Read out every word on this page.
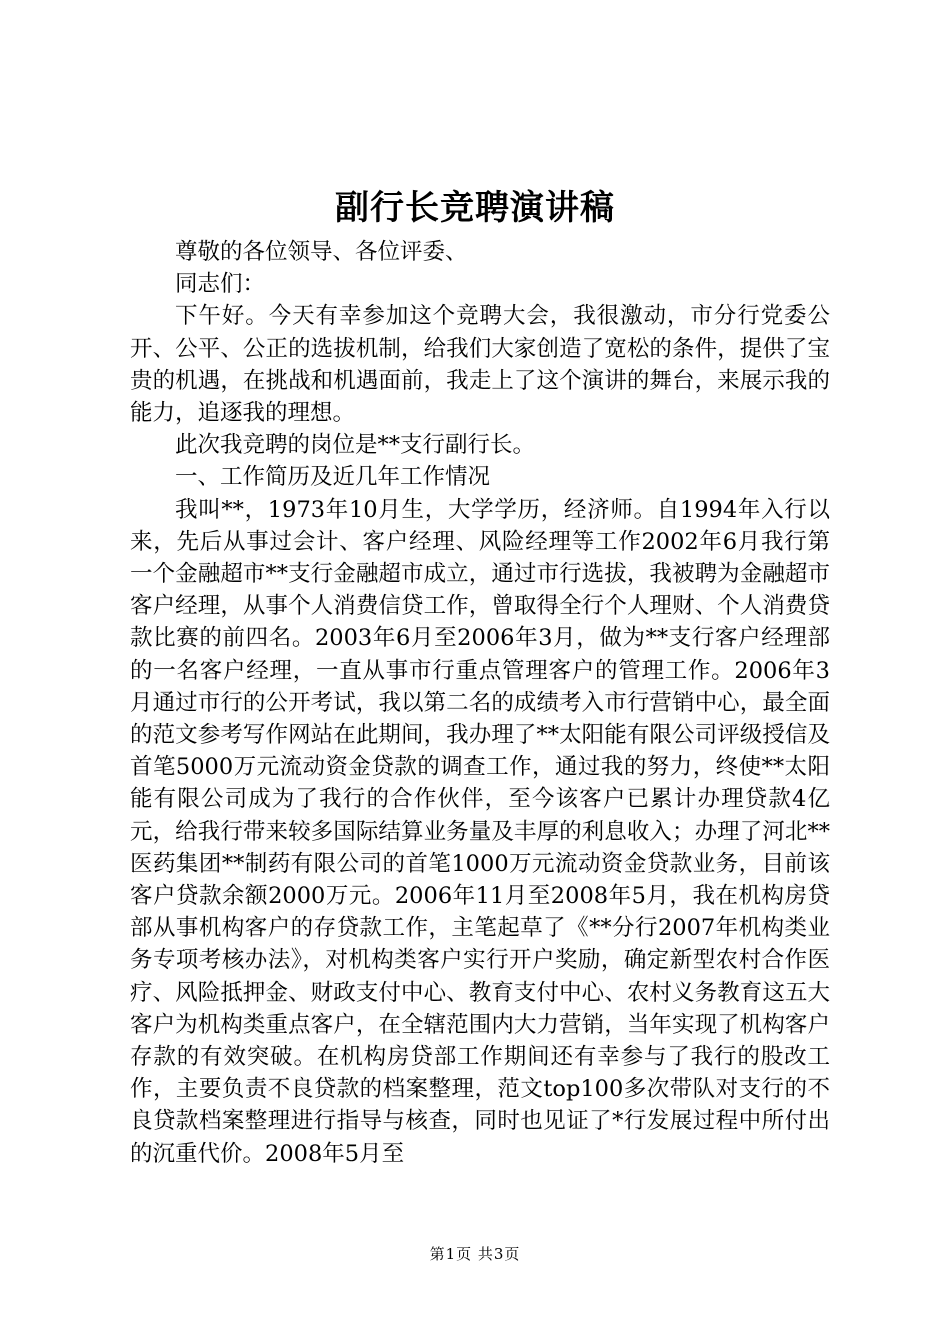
副行长竞聘演讲稿

尊敬的各位领导、各位评委、

同志们：

下午好。今天有幸参加这个竞聘大会，我很激动，市分行党委公开、公平、公正的选拔机制，给我们大家创造了宽松的条件，提供了宝贵的机遇，在挑战和机遇面前，我走上了这个演讲的舞台，来展示我的能力，追逐我的理想。

此次我竞聘的岗位是**支行副行长。

一、工作简历及近几年工作情况

我叫**，1973年10月生，大学学历，经济师。自1994年入行以来，先后从事过会计、客户经理、风险经理等工作2002年6月我行第一个金融超市**支行金融超市成立，通过市行选拔，我被聘为金融超市客户经理，从事个人消费信贷工作，曾取得全行个人理财、个人消费贷款比赛的前四名。2003年6月至2006年3月，做为**支行客户经理部的一名客户经理，一直从事市行重点管理客户的管理工作。2006年3月通过市行的公开考试，我以第二名的成绩考入市行营销中心，最全面的范文参考写作网站在此期间，我办理了**太阳能有限公司评级授信及首笔5000万元流动资金贷款的调查工作，通过我的努力，终使**太阳能有限公司成为了我行的合作伙伴，至今该客户已累计办理贷款4亿元，给我行带来较多国际结算业务量及丰厚的利息收入；办理了河北**医药集团**制药有限公司的首笔1000万元流动资金贷款业务，目前该客户贷款余额2000万元。2006年11月至2008年5月，我在机构房贷部从事机构客户的存贷款工作，主笔起草了《**分行2007年机构类业务专项考核办法》，对机构类客户实行开户奖励，确定新型农村合作医疗、风险抵押金、财政支付中心、教育支付中心、农村义务教育这五大客户为机构类重点客户，在全辖范围内大力营销，当年实现了机构客户存款的有效突破。在机构房贷部工作期间还有幸参与了我行的股改工作，主要负责不良贷款的档案整理，范文top100多次带队对支行的不良贷款档案整理进行指导与核查，同时也见证了*行发展过程中所付出的沉重代价。2008年5月至

第1页 共3页
